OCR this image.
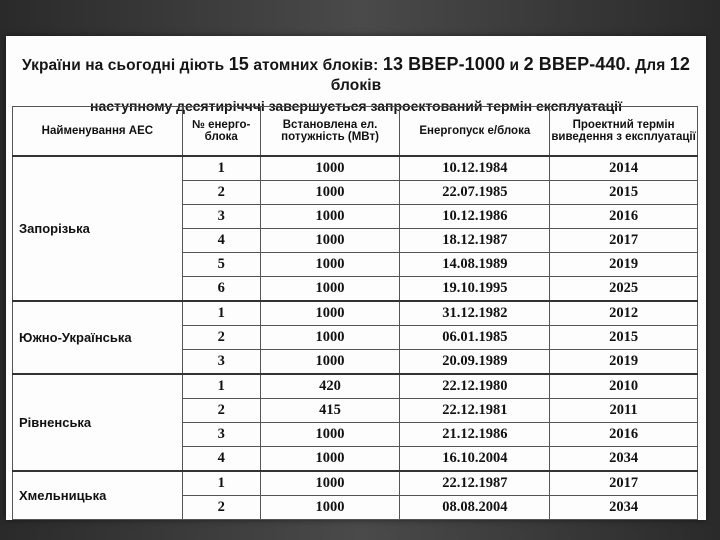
України на сьогодні діють 15 атомних блоків: 13 ВВЕР-1000 и 2 ВВЕР-440. Для 12 блоків
наступному десятирічччі завершується запроектований термін експлуатації
Найменування АЕС	№ енерго-блока	Встановлена ел. потужність (МВт)	Енергопуск е/блока	Проектний термін виведення з експлуатації
Запорізька	1	1000	10.12.1984	2014
	2	1000	22.07.1985	2015
	3	1000	10.12.1986	2016
	4	1000	18.12.1987	2017
	5	1000	14.08.1989	2019
	6	1000	19.10.1995	2025
Южно-Українська	1	1000	31.12.1982	2012
	2	1000	06.01.1985	2015
	3	1000	20.09.1989	2019
Рівненська	1	420	22.12.1980	2010
	2	415	22.12.1981	2011
	3	1000	21.12.1986	2016
	4	1000	16.10.2004	2034
Хмельницька	1	1000	22.12.1987	2017
	2	1000	08.08.2004	2034
